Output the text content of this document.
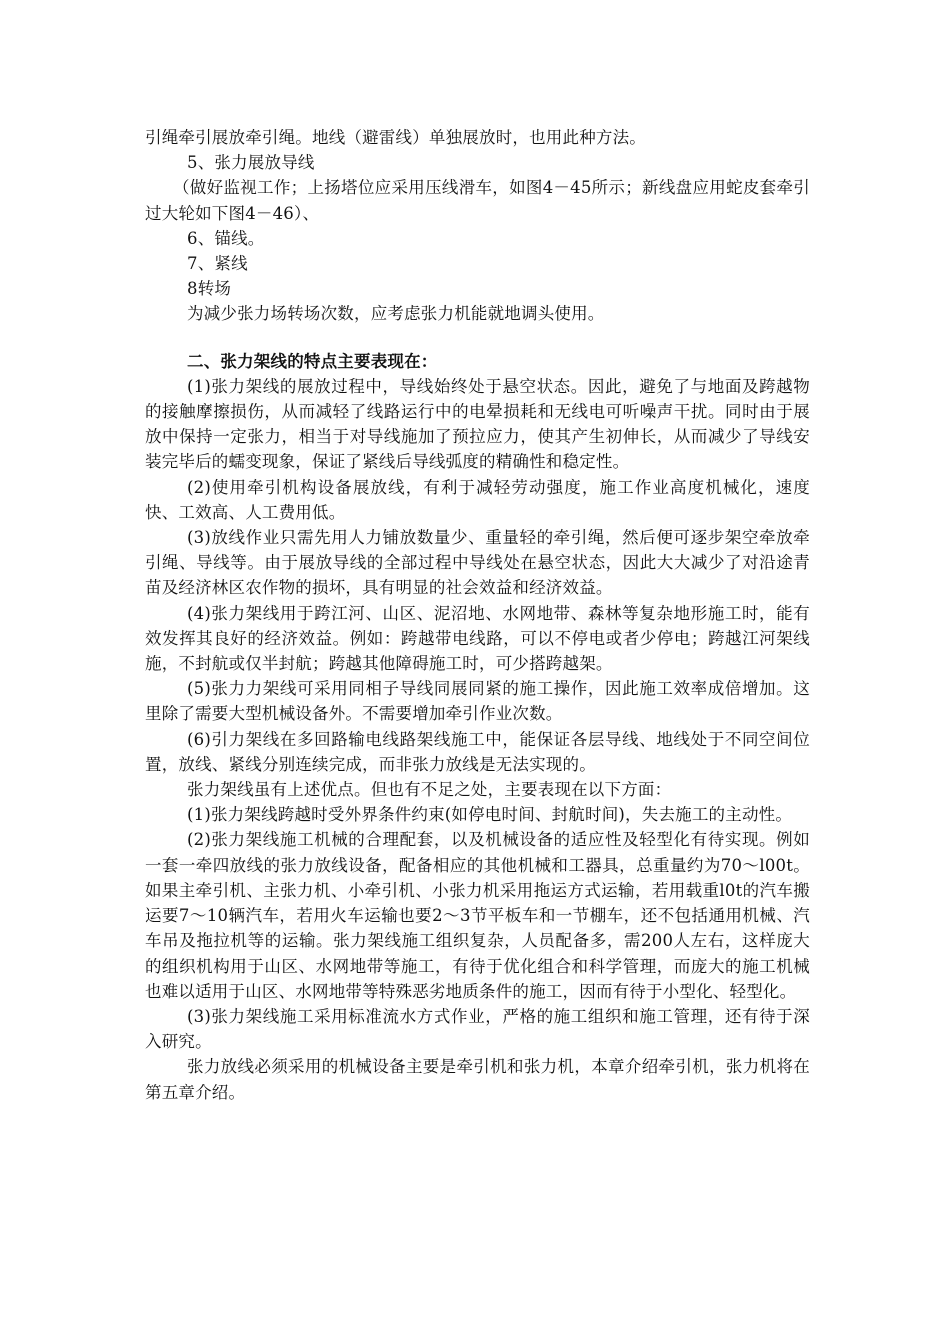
引绳牵引展放牵引绳。地线（避雷线）单独展放时，也用此种方法。

5、张力展放导线

（做好监视工作；上扬塔位应采用压线滑车，如图4－45所示；新线盘应用蛇皮套牵引过大轮如下图4－46）、

6、锚线。

7、紧线

8转场

为减少张力场转场次数，应考虑张力机能就地调头使用。

二、张力架线的特点主要表现在：

(1)张力架线的展放过程中，导线始终处于悬空状态。因此，避免了与地面及跨越物的接触摩擦损伤，从而减轻了线路运行中的电晕损耗和无线电可听噪声干扰。同时由于展放中保持一定张力，相当于对导线施加了预拉应力，使其产生初伸长，从而减少了导线安装完毕后的蠕变现象，保证了紧线后导线弧度的精确性和稳定性。

(2)使用牵引机构设备展放线，有利于减轻劳动强度，施工作业高度机械化，速度快、工效高、人工费用低。

(3)放线作业只需先用人力铺放数量少、重量轻的牵引绳，然后便可逐步架空牵放牵引绳、导线等。由于展放导线的全部过程中导线处在悬空状态，因此大大减少了对沿途青苗及经济林区农作物的损坏，具有明显的社会效益和经济效益。

(4)张力架线用于跨江河、山区、泥沼地、水网地带、森林等复杂地形施工时，能有效发挥其良好的经济效益。例如：跨越带电线路，可以不停电或者少停电；跨越江河架线施，不封航或仅半封航；跨越其他障碍施工时，可少搭跨越架。

(5)张力力架线可采用同相子导线同展同紧的施工操作，因此施工效率成倍增加。这里除了需要大型机械设备外。不需要增加牵引作业次数。

(6)引力架线在多回路输电线路架线施工中，能保证各层导线、地线处于不同空间位置，放线、紧线分别连续完成，而非张力放线是无法实现的。

张力架线虽有上述优点。但也有不足之处，主要表现在以下方面：

(1)张力架线跨越时受外界条件约束(如停电时间、封航时间)，失去施工的主动性。

(2)张力架线施工机械的合理配套，以及机械设备的适应性及轻型化有待实现。例如一套一牵四放线的张力放线设备，配备相应的其他机械和工器具，总重量约为70～l00t。如果主牵引机、主张力机、小牵引机、小张力机采用拖运方式运输，若用载重l0t的汽车搬运要7～10辆汽车，若用火车运输也要2～3节平板车和一节棚车，还不包括通用机械、汽车吊及拖拉机等的运输。张力架线施工组织复杂，人员配备多，需200人左右，这样庞大的组织机构用于山区、水网地带等施工，有待于优化组合和科学管理，而庞大的施工机械也难以适用于山区、水网地带等特殊恶劣地质条件的施工，因而有待于小型化、轻型化。

(3)张力架线施工采用标准流水方式作业，严格的施工组织和施工管理，还有待于深入研究。

张力放线必须采用的机械设备主要是牵引机和张力机，本章介绍牵引机，张力机将在第五章介绍。
